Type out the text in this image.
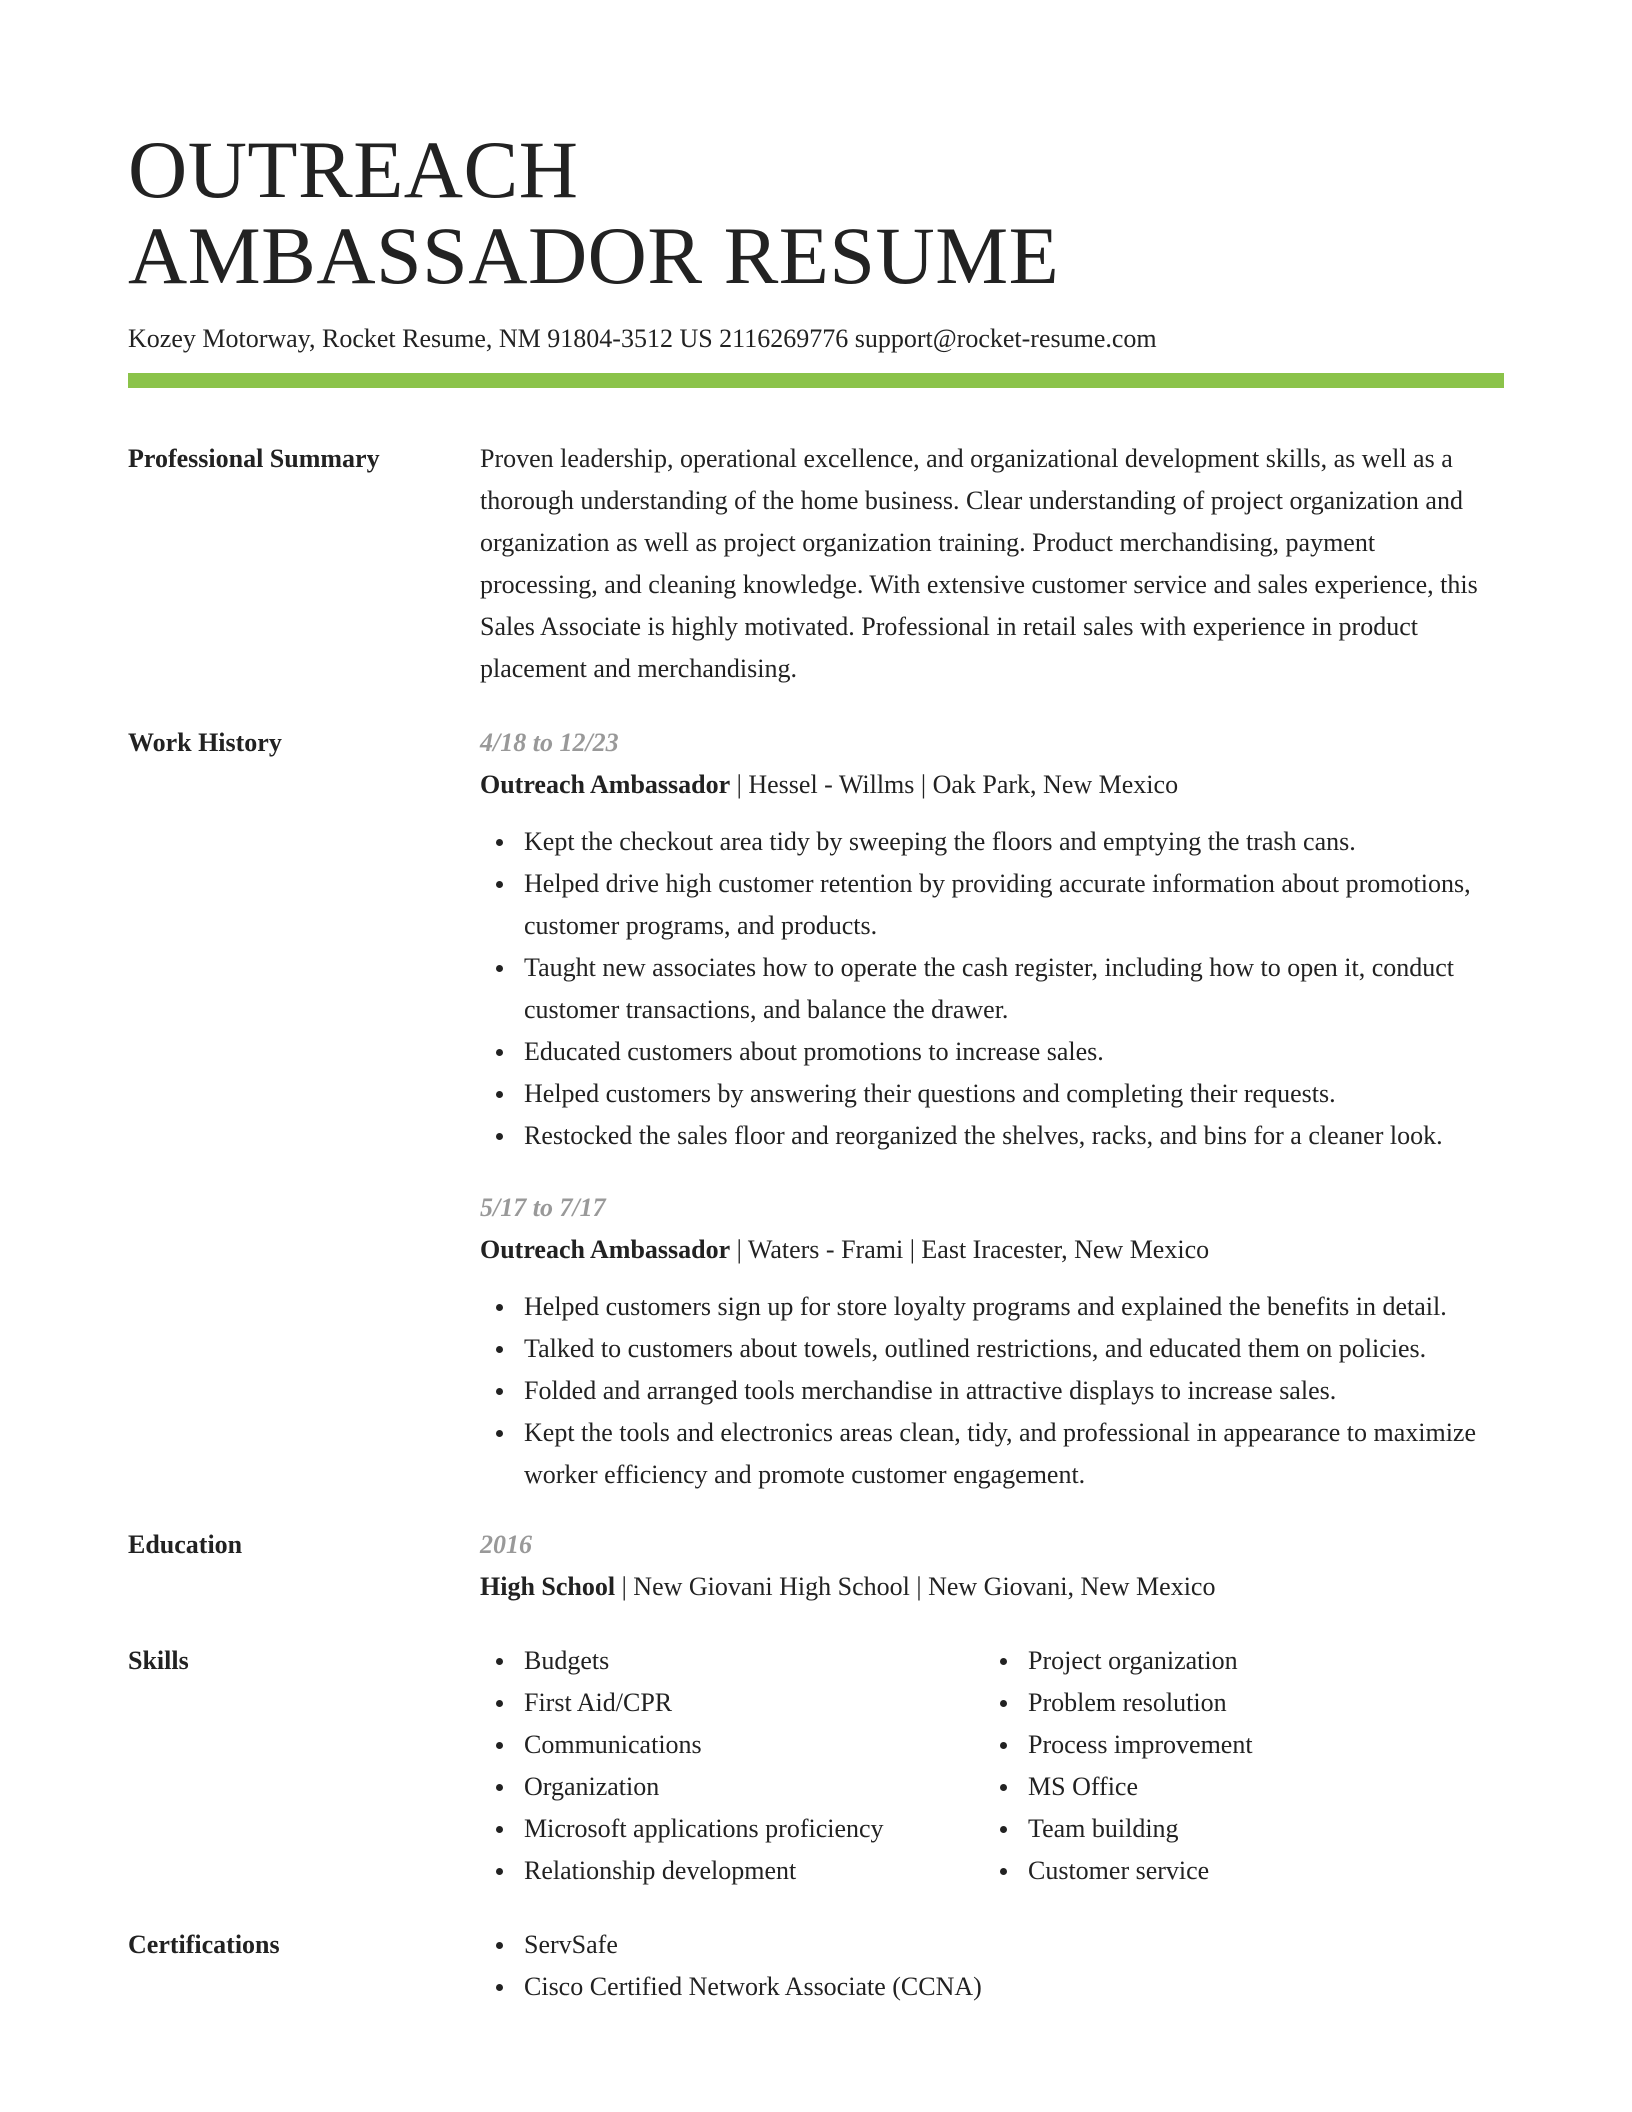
OUTREACH
AMBASSADOR RESUME
Kozey Motorway, Rocket Resume, NM 91804-3512 US 2116269776 support@rocket-resume.com
Professional Summary	Proven leadership, operational excellence, and organizational development skills, as well as a thorough understanding of the home business. Clear understanding of project organization and organization as well as project organization training. Product merchandising, payment processing, and cleaning knowledge. With extensive customer service and sales experience, this Sales Associate is highly motivated. Professional in retail sales with experience in product placement and merchandising.

Work History	4/18 to 12/23
Outreach Ambassador | Hessel - Willms | Oak Park, New Mexico
Kept the checkout area tidy by sweeping the floors and emptying the trash cans.
Helped drive high customer retention by providing accurate information about promotions, customer programs, and products.
Taught new associates how to operate the cash register, including how to open it, conduct customer transactions, and balance the drawer.
Educated customers about promotions to increase sales.
Helped customers by answering their questions and completing their requests.
Restocked the sales floor and reorganized the shelves, racks, and bins for a cleaner look.
5/17 to 7/17
Outreach Ambassador | Waters - Frami | East Iracester, New Mexico
Helped customers sign up for store loyalty programs and explained the benefits in detail.
Talked to customers about towels, outlined restrictions, and educated them on policies.
Folded and arranged tools merchandise in attractive displays to increase sales.
Kept the tools and electronics areas clean, tidy, and professional in appearance to maximize worker efficiency and promote customer engagement.
Education	2016
High School | New Giovani High School | New Giovani, New Mexico
Skills	Budgets
First Aid/CPR
Communications
Organization
Microsoft applications proficiency
Relationship development
Project organization
Problem resolution
Process improvement
MS Office
Team building
Customer service
Certifications	ServSafe
Cisco Certified Network Associate (CCNA)
